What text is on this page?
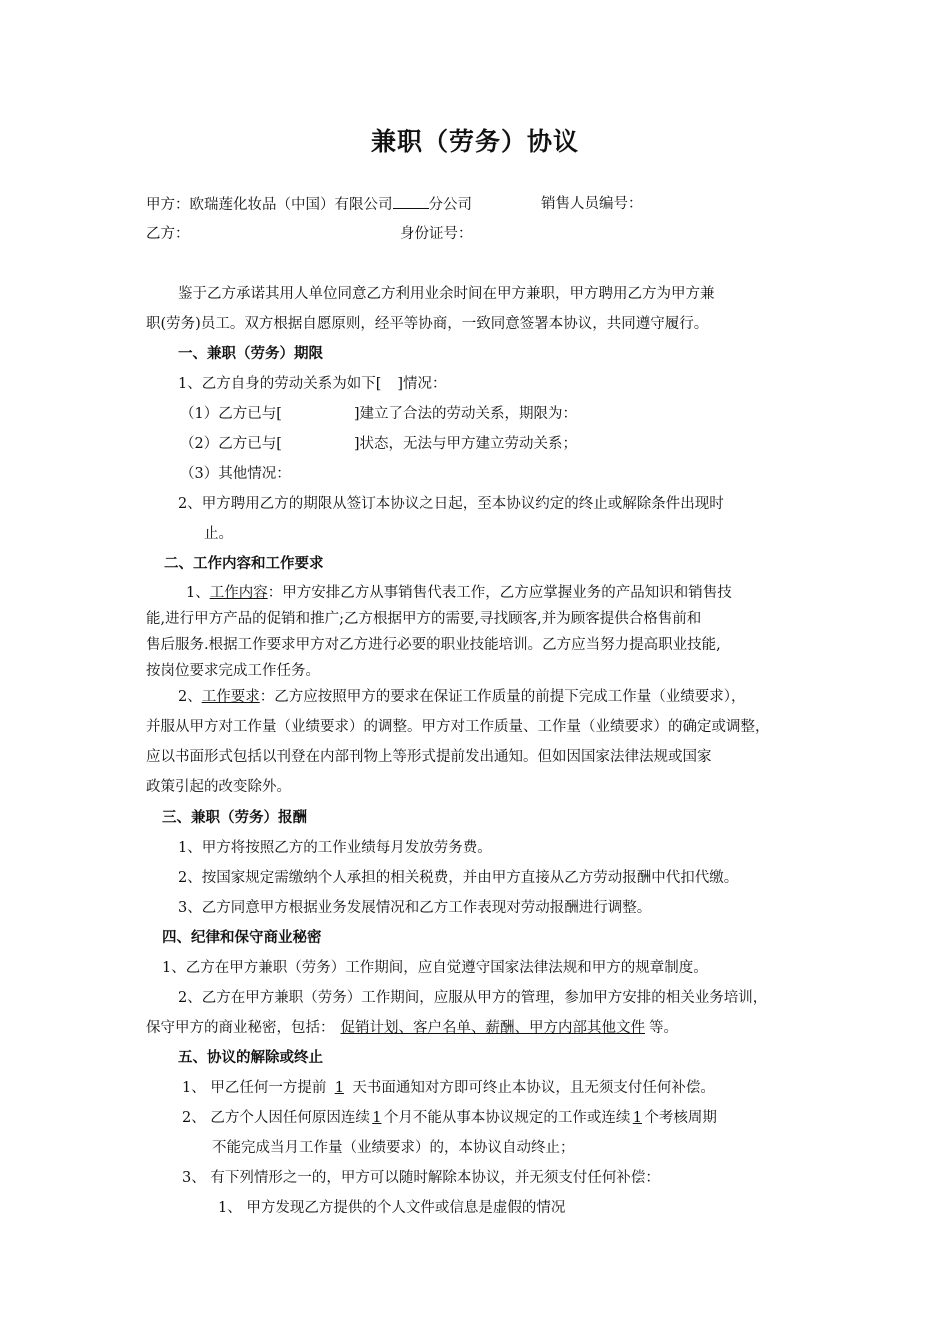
兼职（劳务）协议
甲方：欧瑞莲化妆品（中国）有限公司 分公司	销售人员编号：
乙方：	身份证号：
鉴于乙方承诺其用人单位同意乙方利用业余时间在甲方兼职，甲方聘用乙方为甲方兼
职(劳务)员工。双方根据自愿原则，经平等协商，一致同意签署本协议，共同遵守履行。
一、兼职（劳务）期限
1、乙方自身的劳动关系为如下[ ]情况：
（1）乙方已与[	]建立了合法的劳动关系，期限为：
（2）乙方已与[	]状态，无法与甲方建立劳动关系；
（3）其他情况：
2、甲方聘用乙方的期限从签订本协议之日起，至本协议约定的终止或解除条件出现时
止。
二、工作内容和工作要求
1、工作内容：甲方安排乙方从事销售代表工作，乙方应掌握业务的产品知识和销售技
能,进行甲方产品的促销和推广;乙方根据甲方的需要,寻找顾客,并为顾客提供合格售前和
售后服务.根据工作要求甲方对乙方进行必要的职业技能培训。乙方应当努力提高职业技能,
按岗位要求完成工作任务。
2、工作要求：乙方应按照甲方的要求在保证工作质量的前提下完成工作量（业绩要求），
并服从甲方对工作量（业绩要求）的调整。甲方对工作质量、工作量（业绩要求）的确定或调整，
应以书面形式包括以刊登在内部刊物上等形式提前发出通知。但如因国家法律法规或国家
政策引起的改变除外。
三、兼职（劳务）报酬
1、甲方将按照乙方的工作业绩每月发放劳务费。
2、按国家规定需缴纳个人承担的相关税费，并由甲方直接从乙方劳动报酬中代扣代缴。
3、乙方同意甲方根据业务发展情况和乙方工作表现对劳动报酬进行调整。
四、纪律和保守商业秘密
1、乙方在甲方兼职（劳务）工作期间，应自觉遵守国家法律法规和甲方的规章制度。
2、乙方在甲方兼职（劳务）工作期间，应服从甲方的管理，参加甲方安排的相关业务培训，
保守甲方的商业秘密，包括： 促销计划、客户名单、薪酬、甲方内部其他文件 等。
五、协议的解除或终止
1、 甲乙任何一方提前 1 天书面通知对方即可终止本协议，且无须支付任何补偿。
2、 乙方个人因任何原因连续 1 个月不能从事本协议规定的工作或连续 1 个考核周期
不能完成当月工作量（业绩要求）的，本协议自动终止；
3、 有下列情形之一的，甲方可以随时解除本协议，并无须支付任何补偿：
1、 甲方发现乙方提供的个人文件或信息是虚假的情况
